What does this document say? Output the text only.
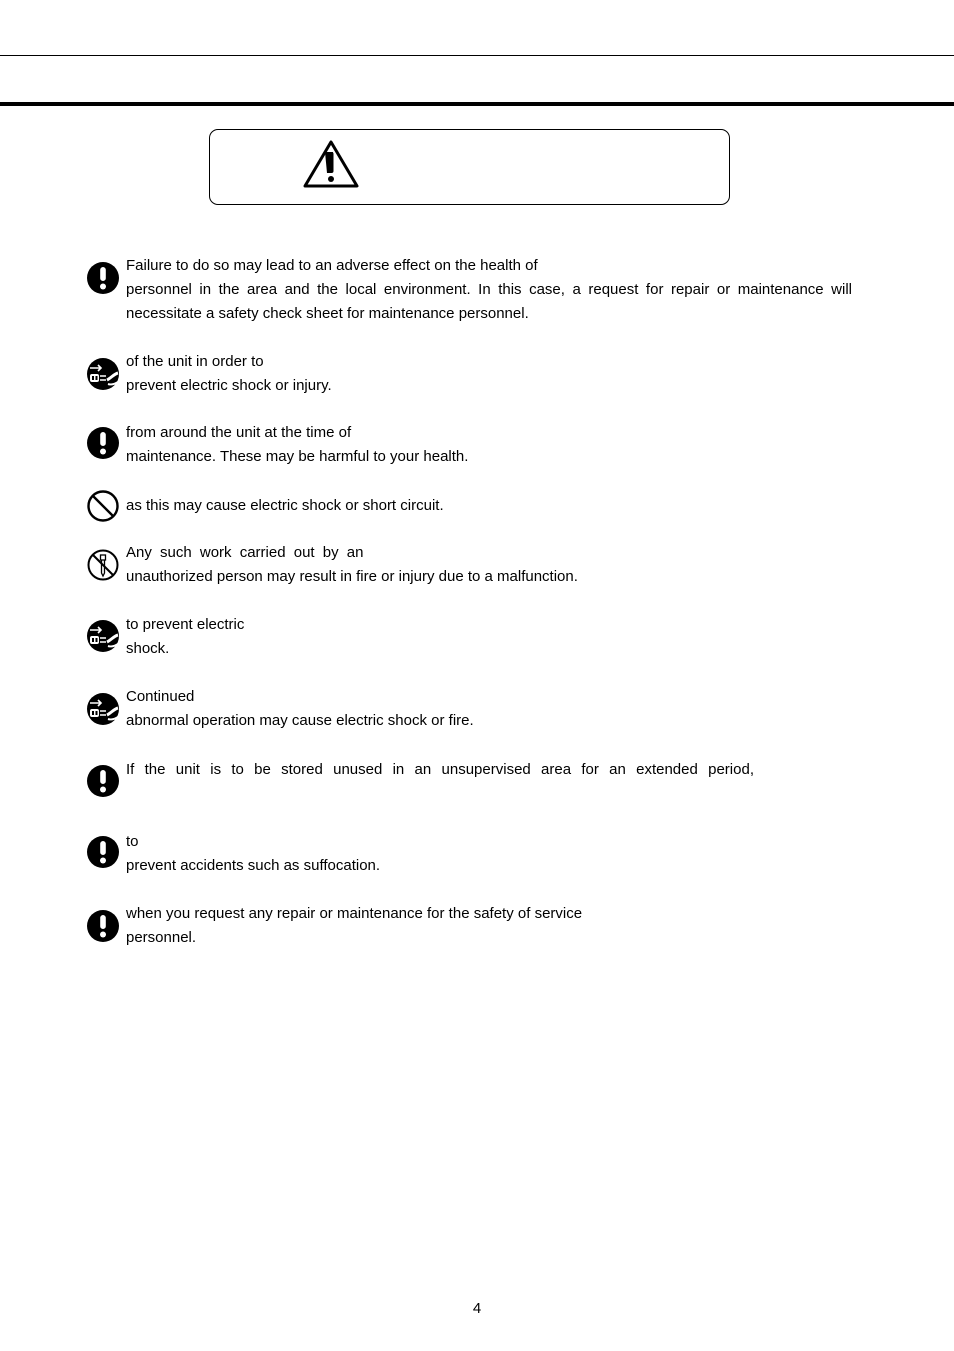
Failure to do so may lead to an adverse effect on the health of
personnel in the area and the local environment. In this case, a request for repair or maintenance will necessitate a safety check sheet for maintenance personnel.

of the unit in order to
prevent electric shock or injury.

from around the unit at the time of
maintenance. These may be harmful to your health.

as this may cause electric shock or short circuit.

Any such work carried out by an
unauthorized person may result in fire or injury due to a malfunction.

to prevent electric
shock.

Continued
abnormal operation may cause electric shock or fire.

If the unit is to be stored unused in an unsupervised area for an extended period,

to
prevent accidents such as suffocation.

when you request any repair or maintenance for the safety of service
personnel.

4
